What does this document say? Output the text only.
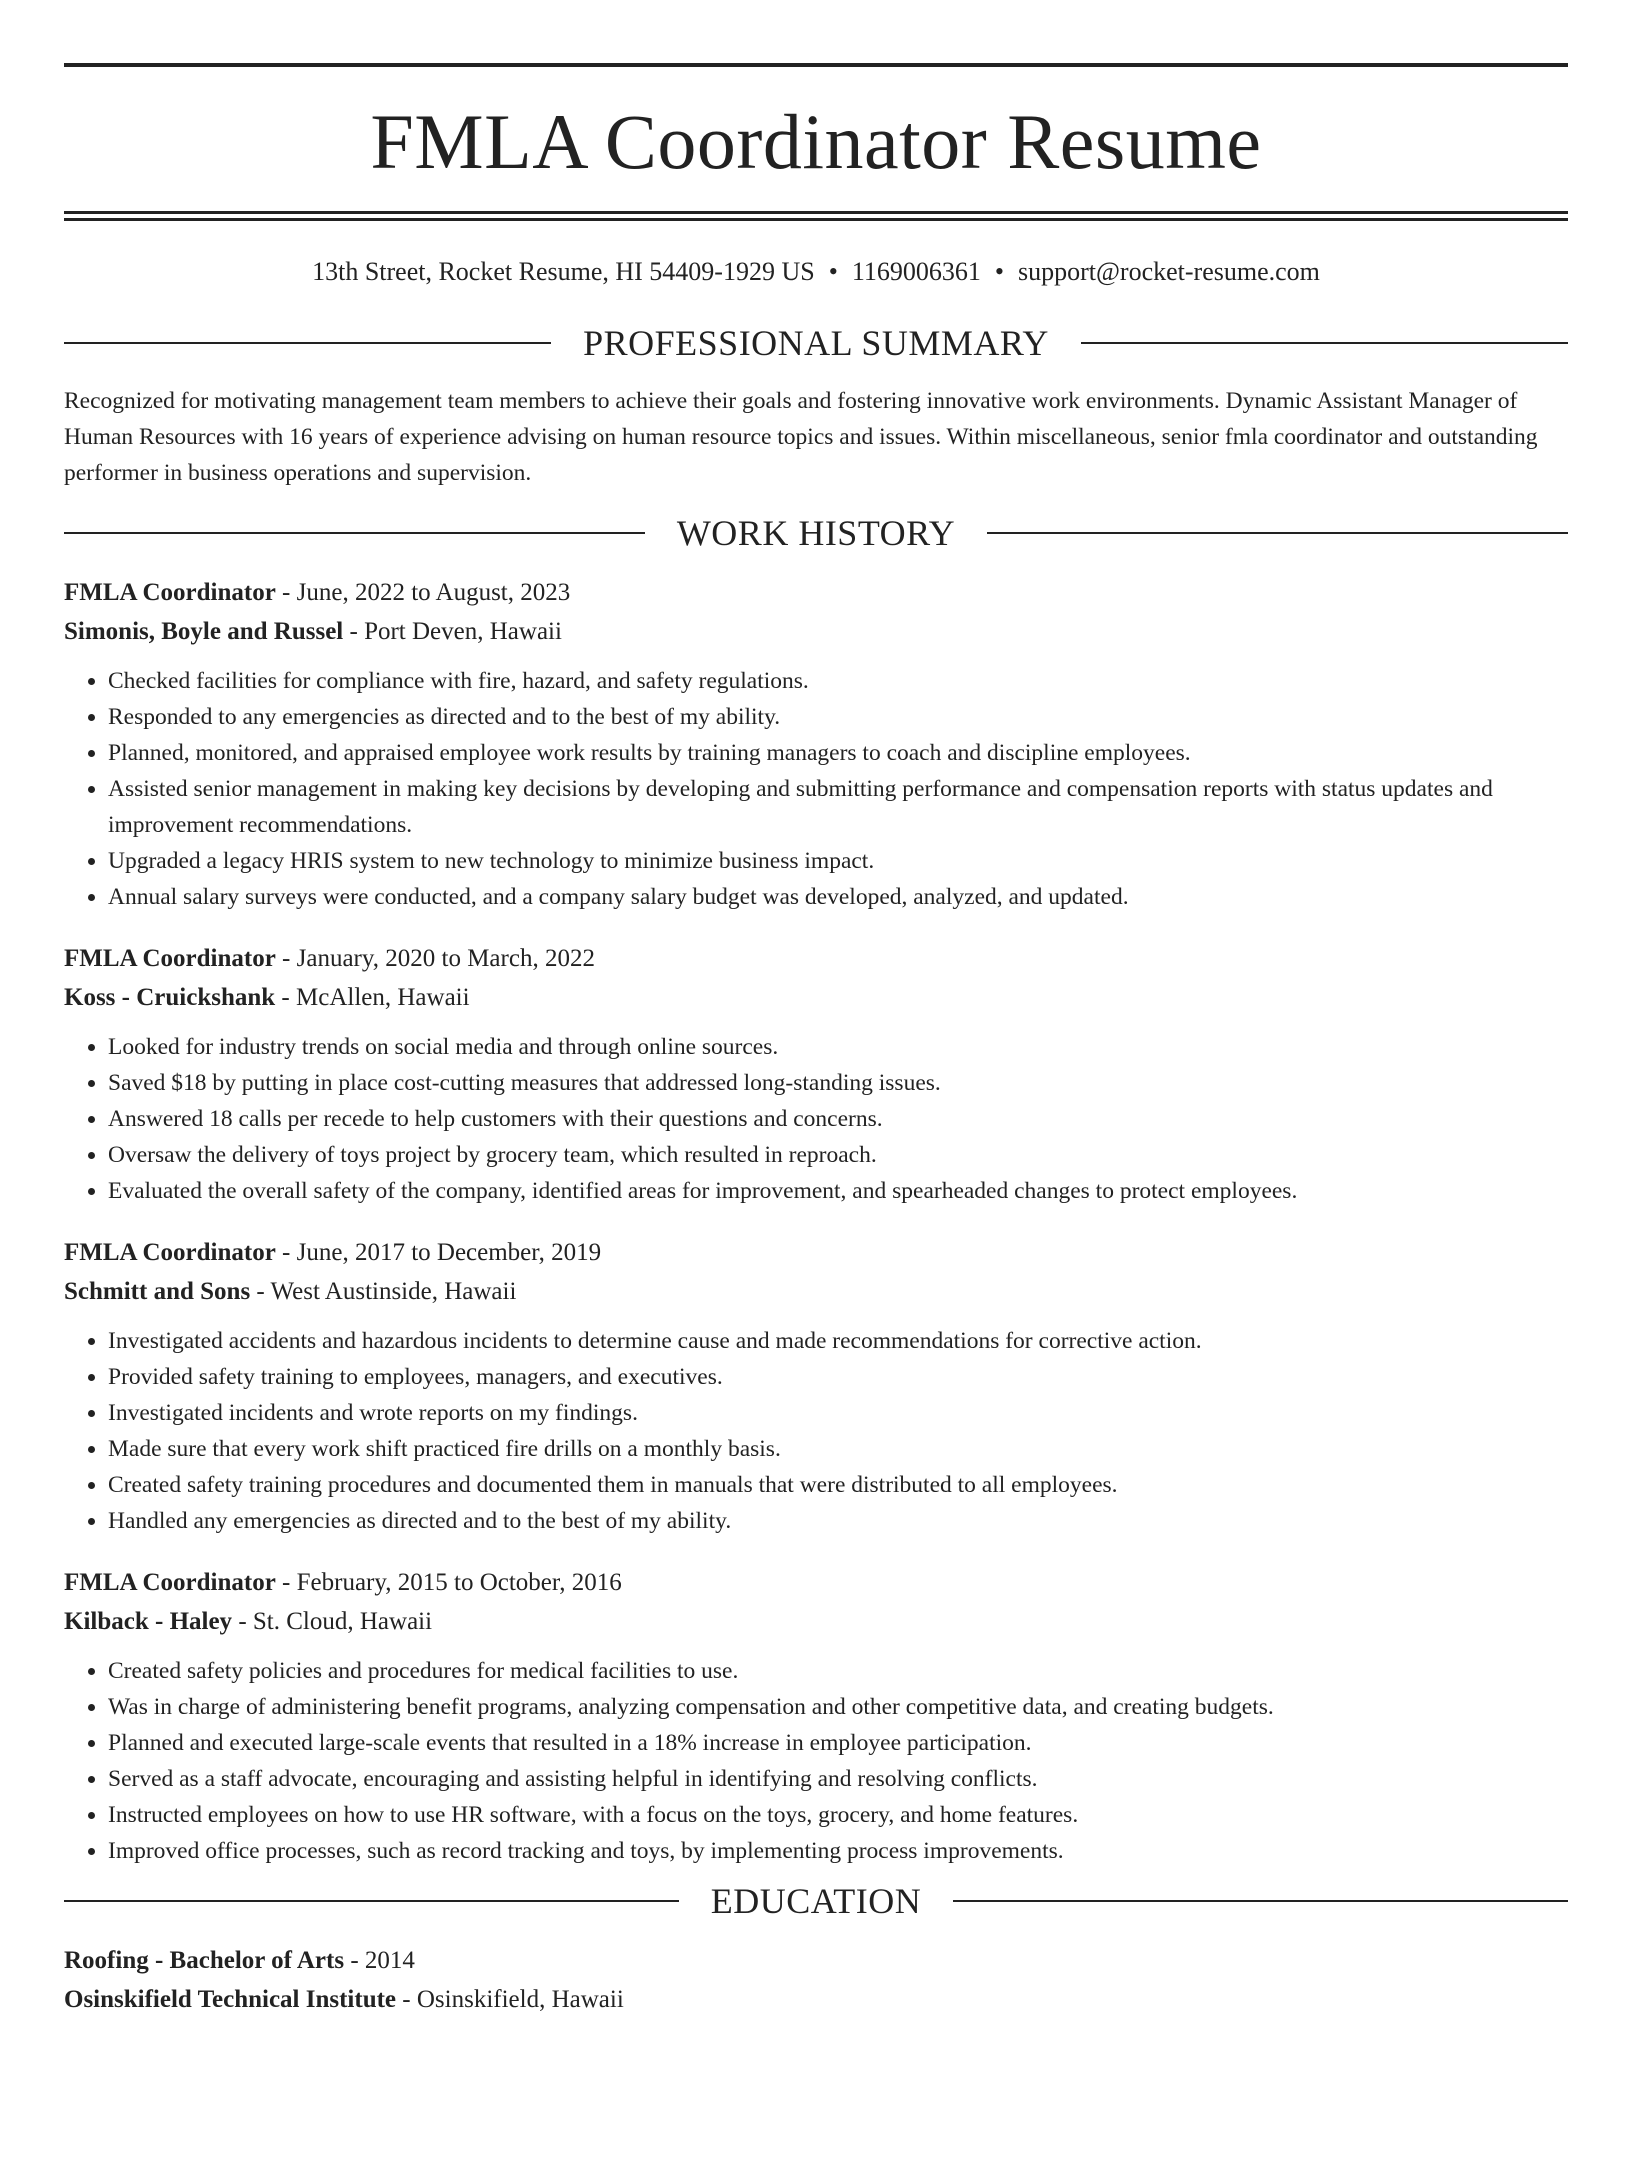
FMLA Coordinator Resume
13th Street, Rocket Resume, HI 54409-1929 US • 1169006361 • support@rocket-resume.com
PROFESSIONAL SUMMARY

Recognized for motivating management team members to achieve their goals and fostering innovative work environments. Dynamic Assistant Manager of Human Resources with 16 years of experience advising on human resource topics and issues. Within miscellaneous, senior fmla coordinator and outstanding performer in business operations and supervision.

WORK HISTORY
FMLA Coordinator - June, 2022 to August, 2023
Simonis, Boyle and Russel - Port Deven, Hawaii
• Checked facilities for compliance with fire, hazard, and safety regulations.
• Responded to any emergencies as directed and to the best of my ability.
• Planned, monitored, and appraised employee work results by training managers to coach and discipline employees.
• Assisted senior management in making key decisions by developing and submitting performance and compensation reports with status updates and improvement recommendations.
• Upgraded a legacy HRIS system to new technology to minimize business impact.
• Annual salary surveys were conducted, and a company salary budget was developed, analyzed, and updated.
FMLA Coordinator - January, 2020 to March, 2022
Koss - Cruickshank - McAllen, Hawaii
• Looked for industry trends on social media and through online sources.
• Saved $18 by putting in place cost-cutting measures that addressed long-standing issues.
• Answered 18 calls per recede to help customers with their questions and concerns.
• Oversaw the delivery of toys project by grocery team, which resulted in reproach.
• Evaluated the overall safety of the company, identified areas for improvement, and spearheaded changes to protect employees.
FMLA Coordinator - June, 2017 to December, 2019
Schmitt and Sons - West Austinside, Hawaii
• Investigated accidents and hazardous incidents to determine cause and made recommendations for corrective action.
• Provided safety training to employees, managers, and executives.
• Investigated incidents and wrote reports on my findings.
• Made sure that every work shift practiced fire drills on a monthly basis.
• Created safety training procedures and documented them in manuals that were distributed to all employees.
• Handled any emergencies as directed and to the best of my ability.
FMLA Coordinator - February, 2015 to October, 2016
Kilback - Haley - St. Cloud, Hawaii
• Created safety policies and procedures for medical facilities to use.
• Was in charge of administering benefit programs, analyzing compensation and other competitive data, and creating budgets.
• Planned and executed large-scale events that resulted in a 18% increase in employee participation.
• Served as a staff advocate, encouraging and assisting helpful in identifying and resolving conflicts.
• Instructed employees on how to use HR software, with a focus on the toys, grocery, and home features.
• Improved office processes, such as record tracking and toys, by implementing process improvements.
EDUCATION
Roofing - Bachelor of Arts - 2014
Osinskifield Technical Institute - Osinskifield, Hawaii
